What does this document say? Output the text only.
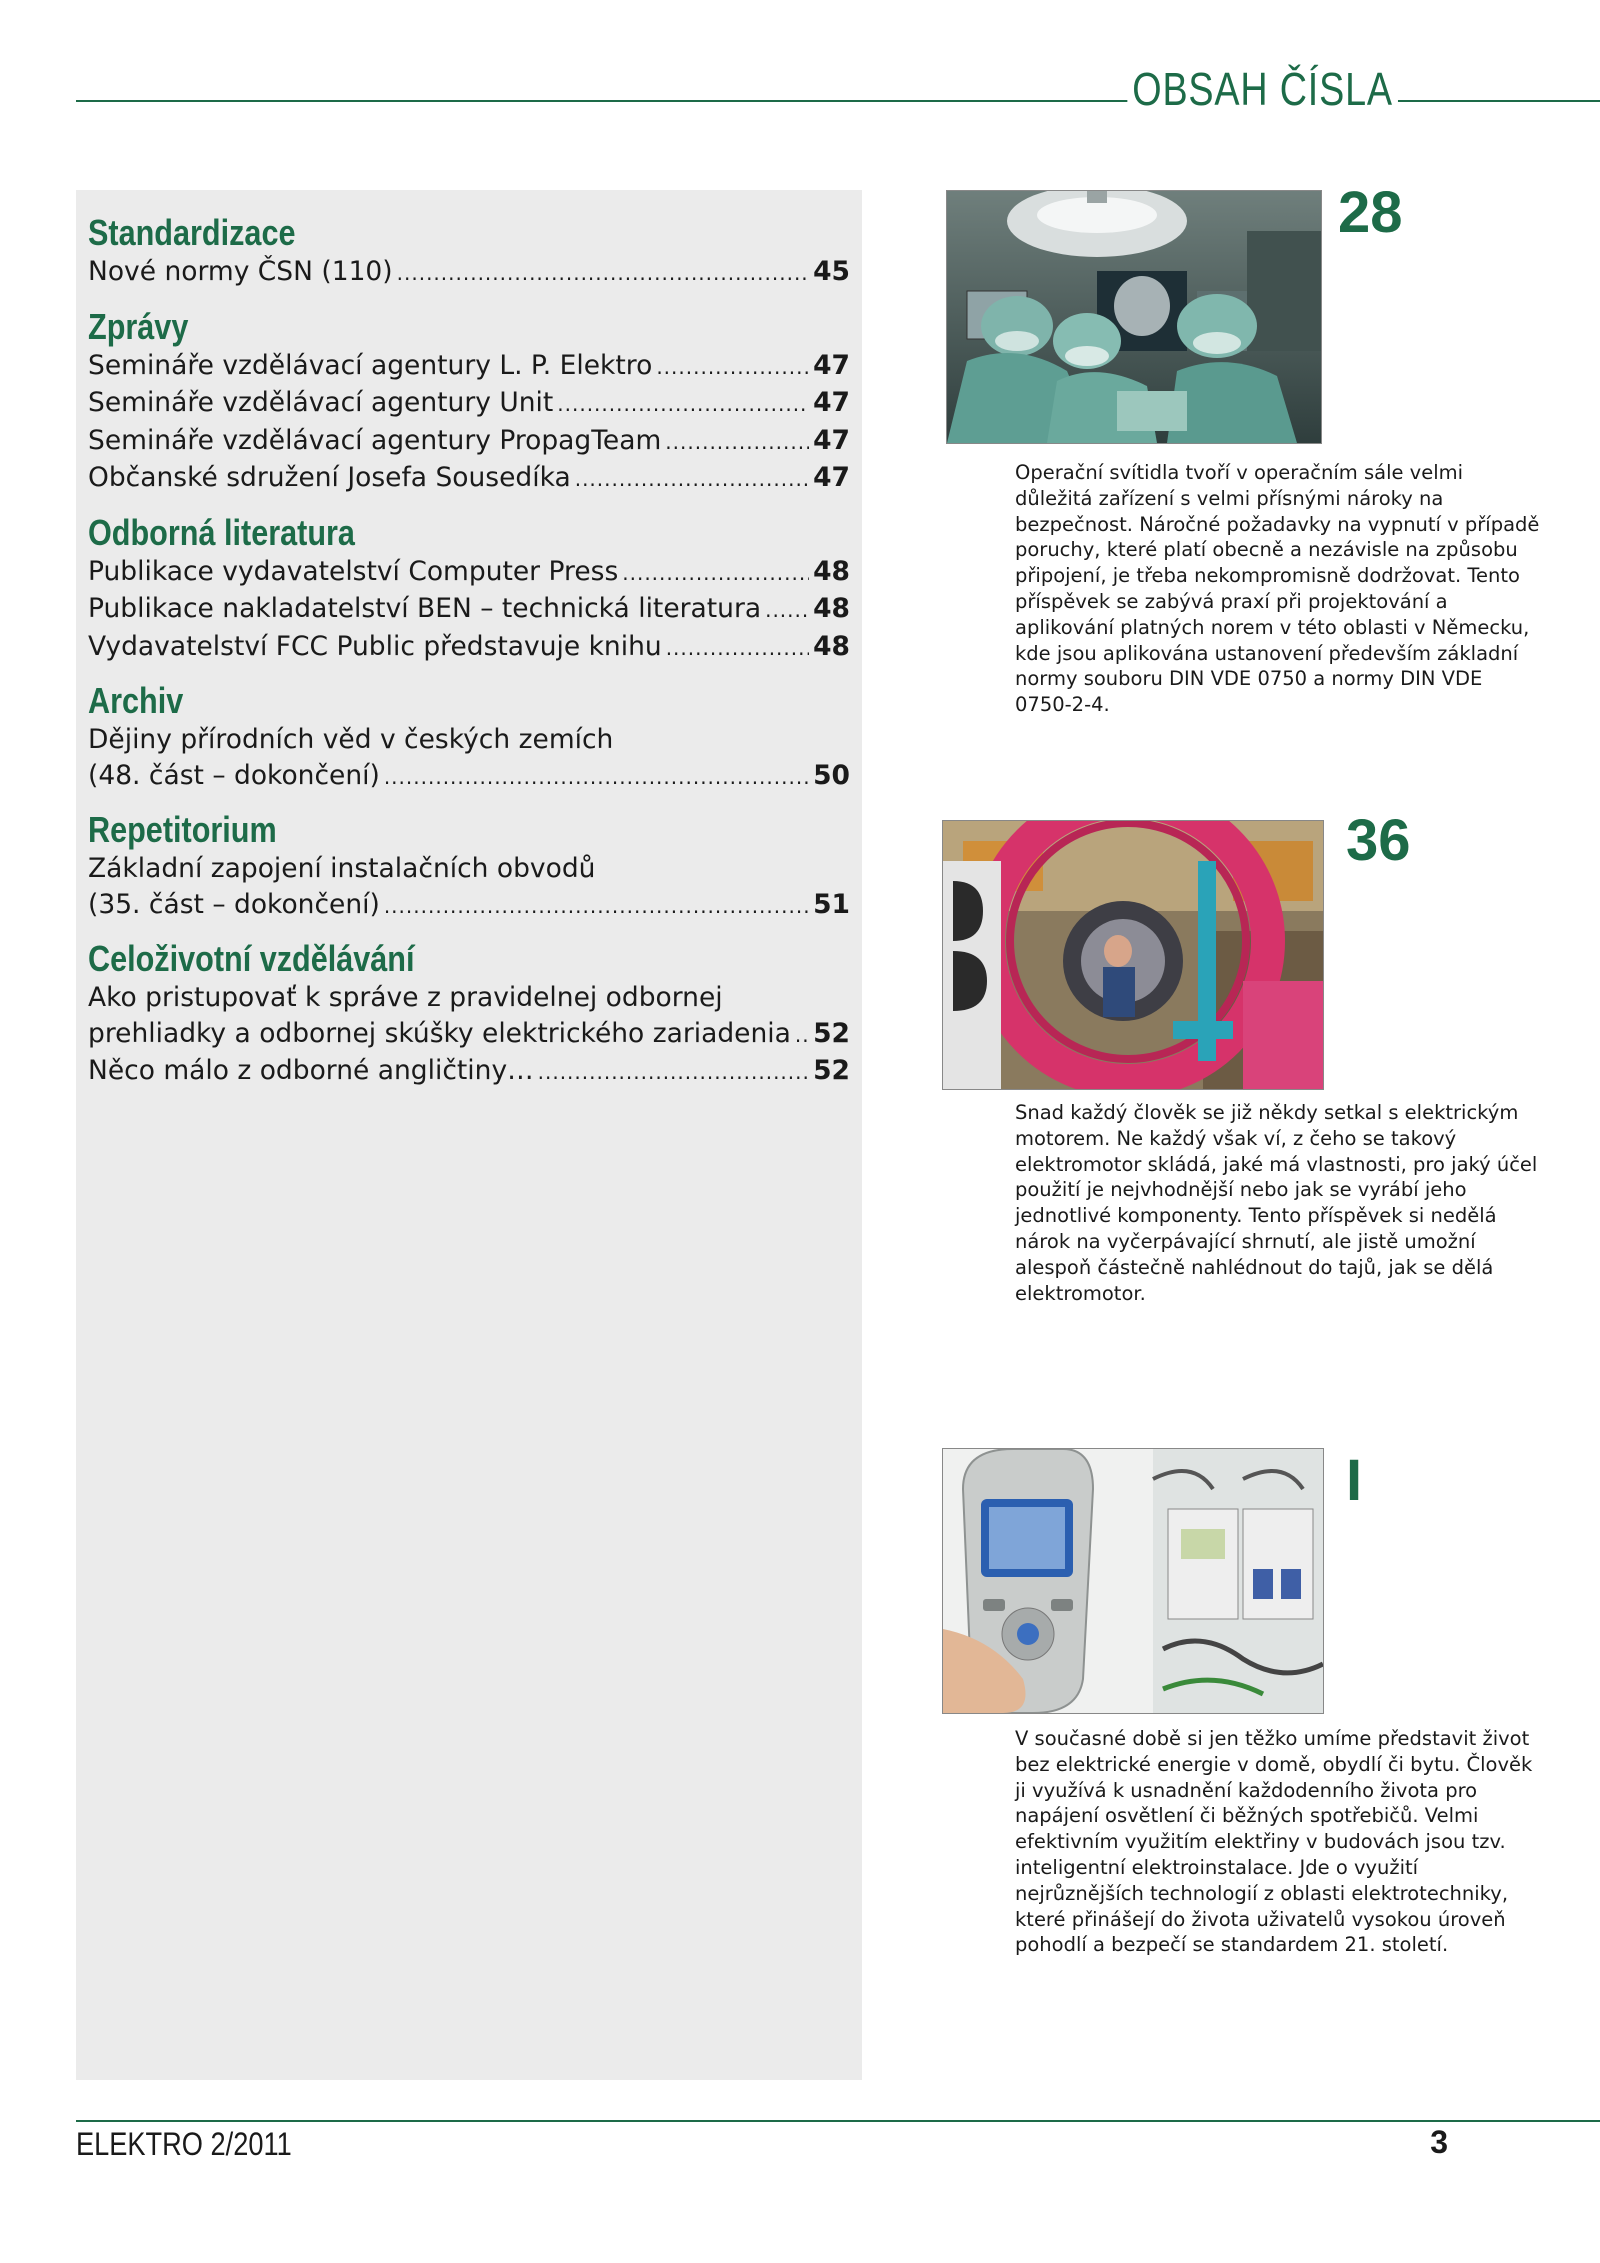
OBSAH ČÍSLA
Standardizace
Nové normy ČSN (110) .....	45
Zprávy
Semináře vzdělávací agentury L. P. Elektro .....	47
Semináře vzdělávací agentury Unit .....	47
Semináře vzdělávací agentury PropagTeam .....	47
Občanské sdružení Josefa Sousedíka .....	47
Odborná literatura
Publikace vydavatelství Computer Press .....	48
Publikace nakladatelství BEN – technická literatura ..... 48
Vydavatelství FCC Public představuje knihu .....	48
Archiv
Dějiny přírodních věd v českých zemích
(48. část – dokončení) .....	50
Repetitorium
Základní zapojení instalačních obvodů
(35. část – dokončení) .....	51
Celoživotní vzdělávání
Ako pristupovať k správe z pravidelnej odbornej
prehliadky a odbornej skúšky elektrického zariadenia ..... 52
Něco málo z odborné angličtiny… .....	52
28
Operační svítidla tvoří v operačním sále velmi důležitá zařízení s velmi přísnými nároky na bezpečnost. Náročné požadavky na vypnutí v případě poruchy, které platí obecně a nezávisle na způsobu připojení, je třeba nekompromisně dodržovat. Tento příspěvek se zabývá praxí při projektování a aplikování platných norem v této oblasti v Německu, kde jsou aplikována ustanovení především základní normy souboru DIN VDE 0750 a normy DIN VDE 0750-2-4.
36
Snad každý člověk se již někdy setkal s elektrickým motorem. Ne každý však ví, z čeho se takový elektromotor skládá, jaké má vlastnosti, pro jaký účel použití je nejvhodnější nebo jak se vyrábí jeho jednotlivé komponenty. Tento příspěvek si nedělá nárok na vyčerpávající shrnutí, ale jistě umožní alespoň částečně nahlédnout do tajů, jak se dělá elektromotor.
I
V současné době si jen těžko umíme představit život bez elektrické energie v domě, obydlí či bytu. Člověk ji využívá k usnadnění každodenního života pro napájení osvětlení či běžných spotřebičů. Velmi efektivním využitím elektřiny v budovách jsou tzv. inteligentní elektroinstalace. Jde o využití nejrůznějších technologií z oblasti elektrotechniky, které přinášejí do života uživatelů vysokou úroveň pohodlí a bezpečí se standardem 21. století.
ELEKTRO 2/2011	3
